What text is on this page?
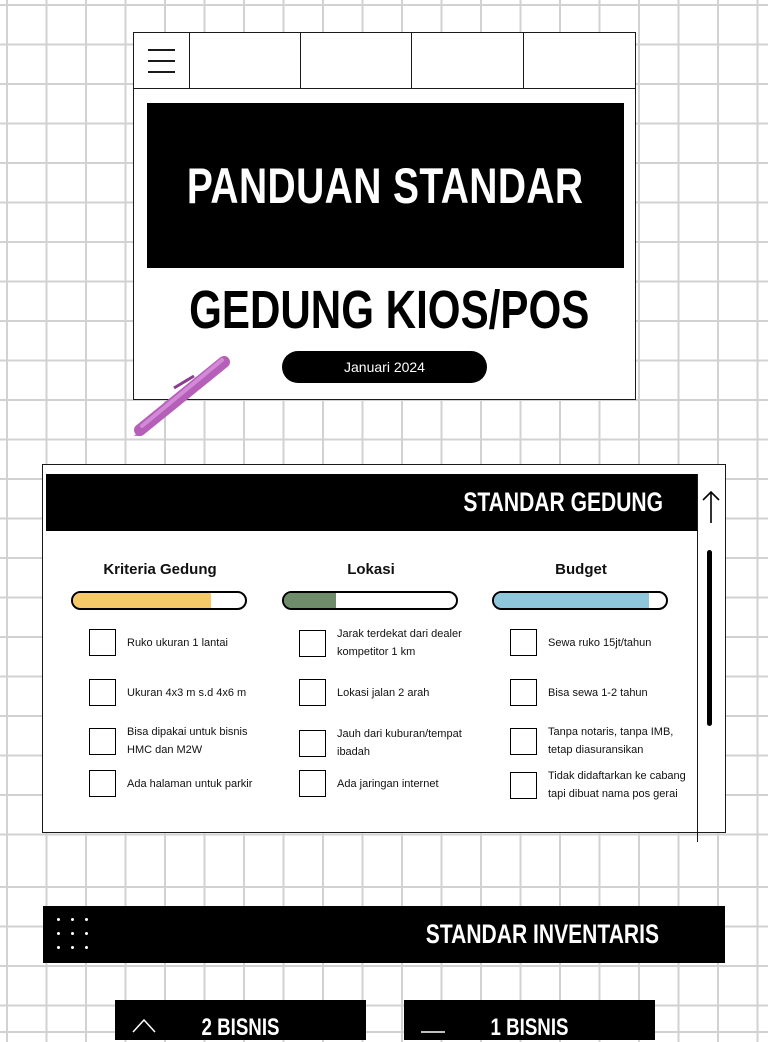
PANDUAN STANDAR
GEDUNG KIOS/POS
Januari 2024
STANDAR GEDUNG
Kriteria Gedung	Lokasi	Budget
Ruko ukuran 1 lantai
Ukuran 4x3 m s.d 4x6 m
Bisa dipakai untuk bisnis HMC dan M2W
Ada halaman untuk parkir
Jarak terdekat dari dealer kompetitor 1 km
Lokasi jalan 2 arah
Jauh dari kuburan/tempat ibadah
Ada jaringan internet
Sewa ruko 15jt/tahun
Bisa sewa 1-2 tahun
Tanpa notaris, tanpa IMB, tetap diasuransikan
Tidak didaftarkan ke cabang tapi dibuat nama pos gerai
STANDAR INVENTARIS
2 BISNIS	1 BISNIS
